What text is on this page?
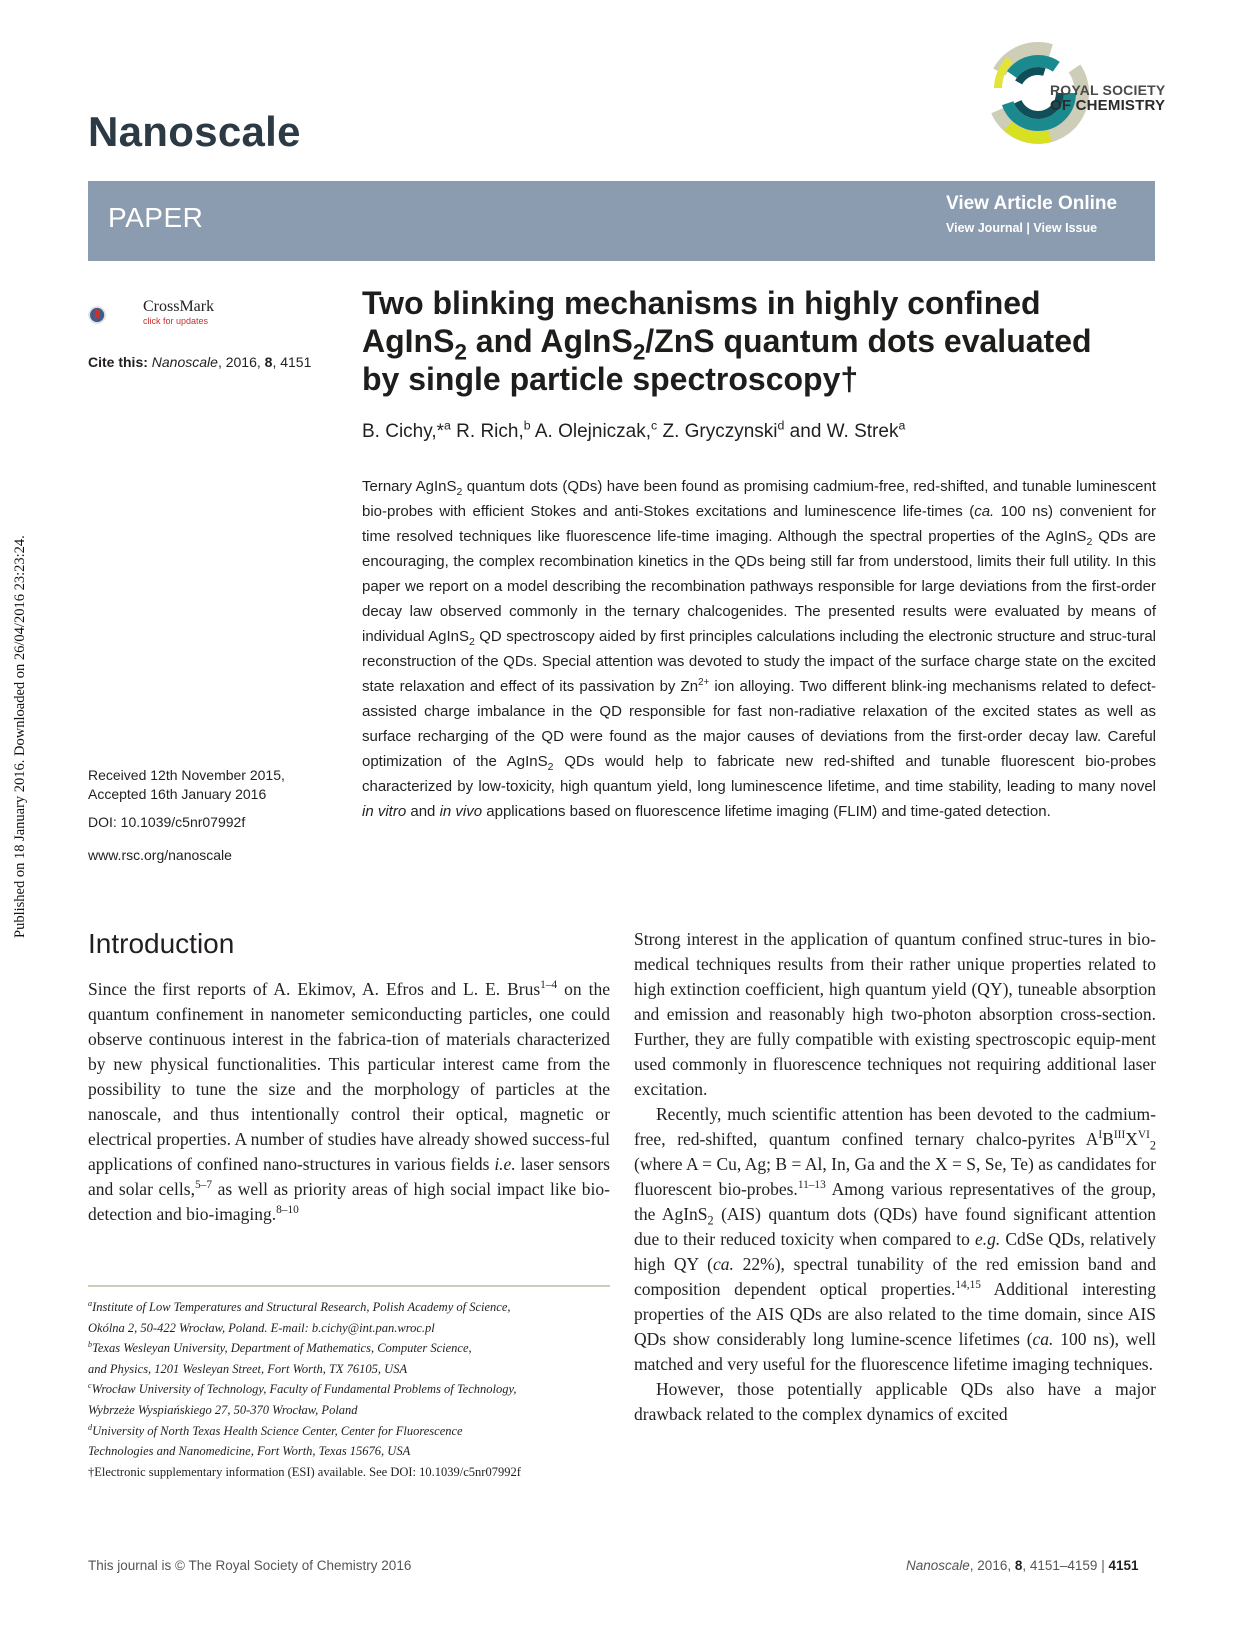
Published on 18 January 2016. Downloaded on 26/04/2016 23:23:24.
Nanoscale
ROYAL SOCIETY
OF CHEMISTRY
PAPER	View Article Online
View Journal | View Issue
CrossMark
click for updates
Cite this: Nanoscale, 2016, 8, 4151
Two blinking mechanisms in highly confined
AgInS$_2$ and AgInS$_2$/ZnS quantum dots evaluated
by single particle spectroscopy†
B. Cichy,*$^a$ R. Rich,$^b$ A. Olejniczak,$^c$ Z. Gryczynski$^d$ and W. Strek$^a$
Ternary AgInS$_2$ quantum dots (QDs) have been found as promising cadmium-free, red-shifted, and tunable luminescent bio-probes with efficient Stokes and anti-Stokes excitations and luminescence life-times (ca. 100 ns) convenient for time resolved techniques like fluorescence life-time imaging. Although the spectral properties of the AgInS$_2$ QDs are encouraging, the complex recombination kinetics in the QDs being still far from understood, limits their full utility. In this paper we report on a model describing the recombination pathways responsible for large deviations from the first-order decay law observed commonly in the ternary chalcogenides. The presented results were evaluated by means of individual AgInS$_2$ QD spectroscopy aided by first principles calculations including the electronic structure and struc-tural reconstruction of the QDs. Special attention was devoted to study the impact of the surface charge state on the excited state relaxation and effect of its passivation by $Zn^{2+}$ ion alloying. Two different blink-ing mechanisms related to defect-assisted charge imbalance in the QD responsible for fast non-radiative relaxation of the excited states as well as surface recharging of the QD were found as the major causes of deviations from the first-order decay law. Careful optimization of the AgInS$_2$ QDs would help to fabricate new red-shifted and tunable fluorescent bio-probes characterized by low-toxicity, high quantum yield, long luminescence lifetime, and time stability, leading to many novel in vitro and in vivo applications based on fluorescence lifetime imaging (FLIM) and time-gated detection.
Received 12th November 2015,
Accepted 16th January 2016
DOI: 10.1039/c5nr07992f
www.rsc.org/nanoscale
Introduction
Since the first reports of A. Ekimov, A. Efros and L. E. Brus$^{1-4}$ on the quantum confinement in nanometer semiconducting particles, one could observe continuous interest in the fabrica-tion of materials characterized by new physical functionalities. This particular interest came from the possibility to tune the size and the morphology of particles at the nanoscale, and thus intentionally control their optical, magnetic or electrical properties. A number of studies have already showed success-ful applications of confined nano-structures in various fields i.e. laser sensors and solar cells,$^{5-7}$ as well as priority areas of high social impact like bio-detection and bio-imaging.$^{8-10}$

Strong interest in the application of quantum confined struc-tures in bio-medical techniques results from their rather unique properties related to high extinction coefficient, high quantum yield (QY), tuneable absorption and emission and reasonably high two-photon absorption cross-section. Further, they are fully compatible with existing spectroscopic equip-ment used commonly in fluorescence techniques not requiring additional laser excitation.

Recently, much scientific attention has been devoted to the cadmium-free, red-shifted, quantum confined ternary chalco-pyrites $A^IB^{III}X^{VI}_2$ (where A = Cu, Ag; B = Al, In, Ga and the X = S, Se, Te) as candidates for fluorescent bio-probes.$^{11-13}$ Among various representatives of the group, the AgInS$_2$ (AIS) quantum dots (QDs) have found significant attention due to their reduced toxicity when compared to e.g. CdSe QDs, relatively high QY (ca. 22%), spectral tunability of the red emission band and composition dependent optical properties.$^{14,15}$ Additional interesting properties of the AIS QDs are also related to the time domain, since AIS QDs show considerably long lumine-scence lifetimes (ca. 100 ns), well matched and very useful for the fluorescence lifetime imaging techniques.

However, those potentially applicable QDs also have a major drawback related to the complex dynamics of excited

$^a$Institute of Low Temperatures and Structural Research, Polish Academy of Science,
Okólna 2, 50-422 Wrocław, Poland. E-mail: b.cichy@int.pan.wroc.pl
$^b$Texas Wesleyan University, Department of Mathematics, Computer Science,
and Physics, 1201 Wesleyan Street, Fort Worth, TX 76105, USA
$^c$Wrocław University of Technology, Faculty of Fundamental Problems of Technology,
Wybrzeże Wyspiańskiego 27, 50-370 Wrocław, Poland
$^d$University of North Texas Health Science Center, Center for Fluorescence
Technologies and Nanomedicine, Fort Worth, Texas 15676, USA
†Electronic supplementary information (ESI) available. See DOI: 10.1039/c5nr07992f
This journal is © The Royal Society of Chemistry 2016	Nanoscale, 2016, 8, 4151–4159 | 4151
